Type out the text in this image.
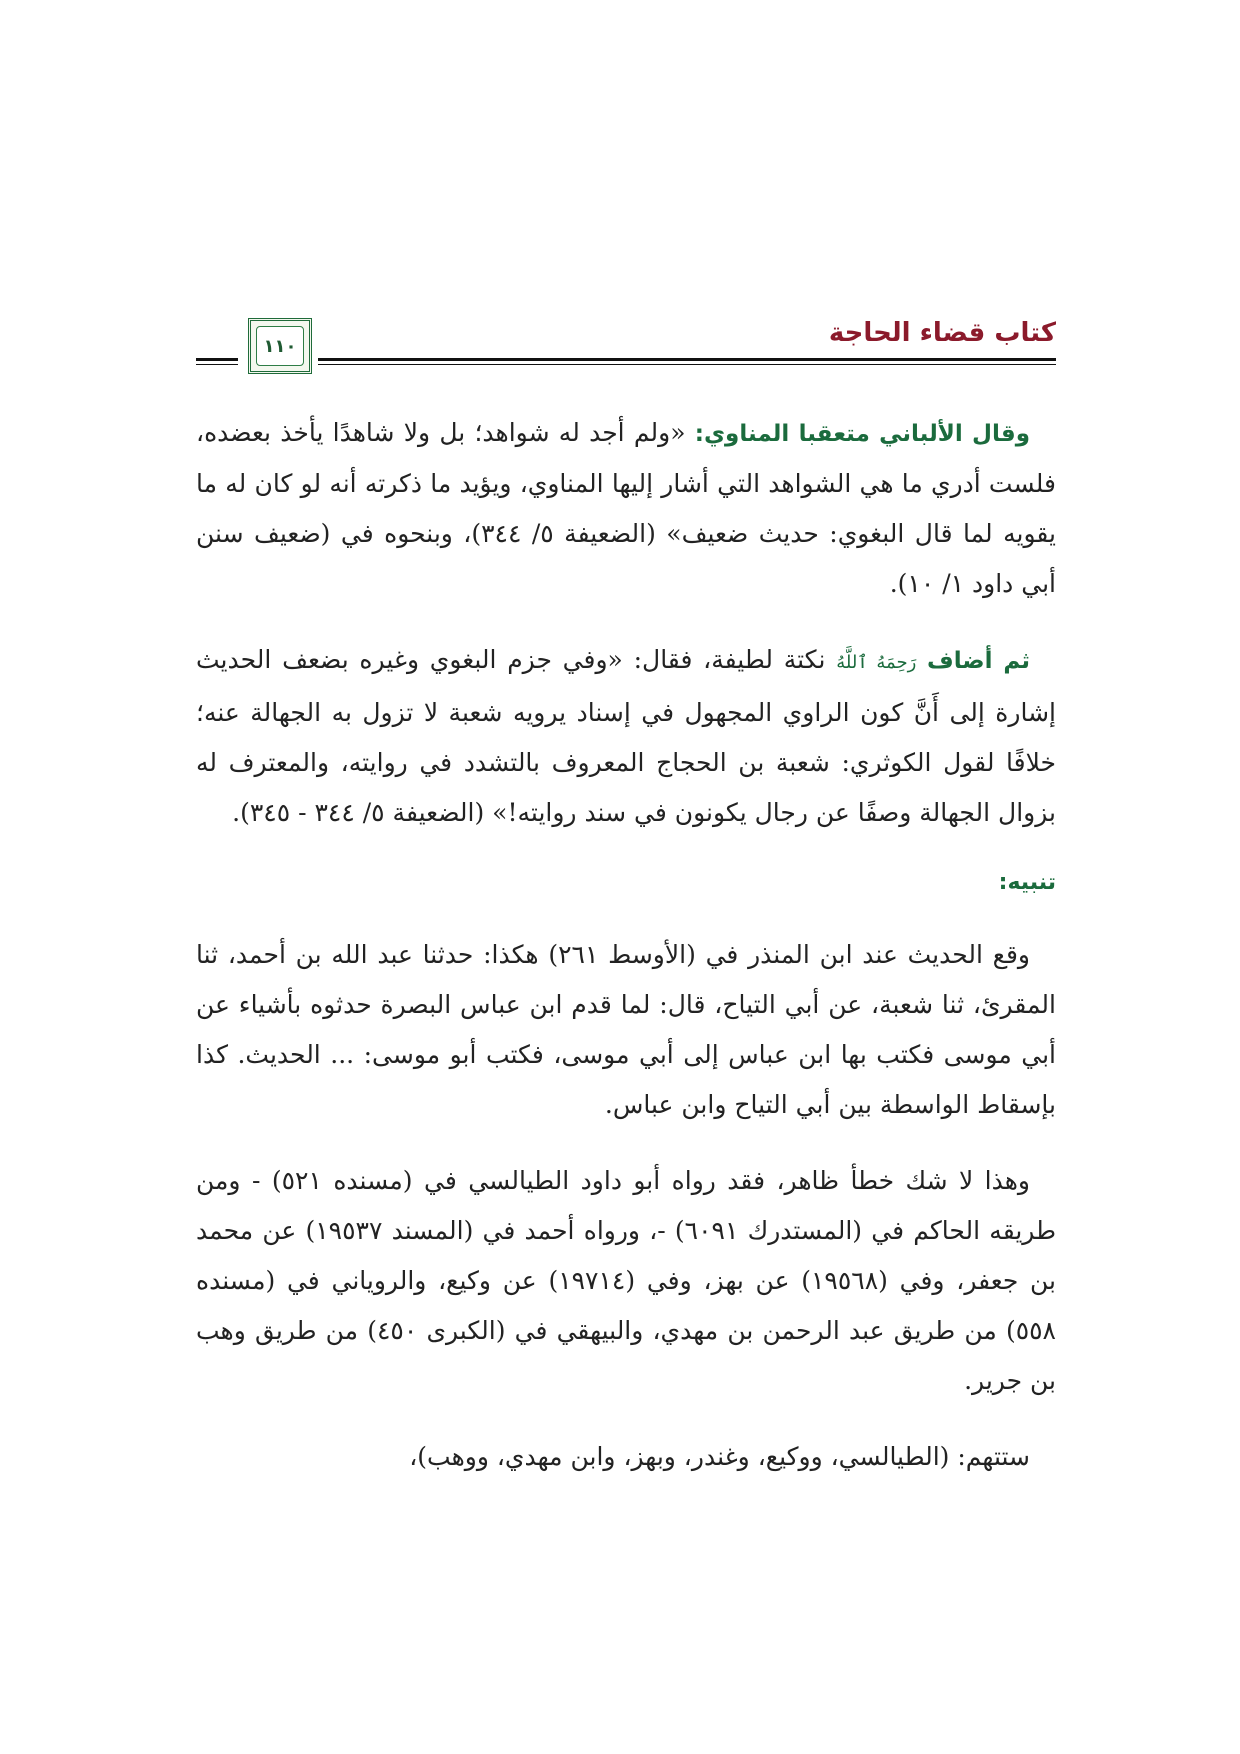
كتاب قضاء الحاجة
١١٠

وقال الألباني متعقبا المناوي: «ولم أجد له شواهد؛ بل ولا شاهدًا يأخذ بعضده، فلست أدري ما هي الشواهد التي أشار إليها المناوي، ويؤيد ما ذكرته أنه لو كان له ما يقويه لما قال البغوي: حديث ضعيف» (الضعيفة ٥/ ٣٤٤)، وبنحوه في (ضعيف سنن أبي داود ١/ ١٠).

ثم أضاف رَحِمَهُ ٱللَّهُ نكتة لطيفة، فقال: «وفي جزم البغوي وغيره بضعف الحديث إشارة إلى أَنَّ كون الراوي المجهول في إسناد يرويه شعبة لا تزول به الجهالة عنه؛ خلافًا لقول الكوثري: شعبة بن الحجاج المعروف بالتشدد في روايته، والمعترف له بزوال الجهالة وصفًا عن رجال يكونون في سند روايته!» (الضعيفة ٥/ ٣٤٤ - ٣٤٥).

تنبيه:

وقع الحديث عند ابن المنذر في (الأوسط ٢٦١) هكذا: حدثنا عبد الله بن أحمد، ثنا المقرئ، ثنا شعبة، عن أبي التياح، قال: لما قدم ابن عباس البصرة حدثوه بأشياء عن أبي موسى فكتب بها ابن عباس إلى أبي موسى، فكتب أبو موسى: ... الحديث. كذا بإسقاط الواسطة بين أبي التياح وابن عباس.

وهذا لا شك خطأ ظاهر، فقد رواه أبو داود الطيالسي في (مسنده ٥٢١) - ومن طريقه الحاكم في (المستدرك ٦٠٩١) -، ورواه أحمد في (المسند ١٩٥٣٧) عن محمد بن جعفر، وفي (١٩٥٦٨) عن بهز، وفي (١٩٧١٤) عن وكيع، والروياني في (مسنده ٥٥٨) من طريق عبد الرحمن بن مهدي، والبيهقي في (الكبرى ٤٥٠) من طريق وهب بن جرير.

ستتهم: (الطيالسي، ووكيع، وغندر، وبهز، وابن مهدي، ووهب)،
